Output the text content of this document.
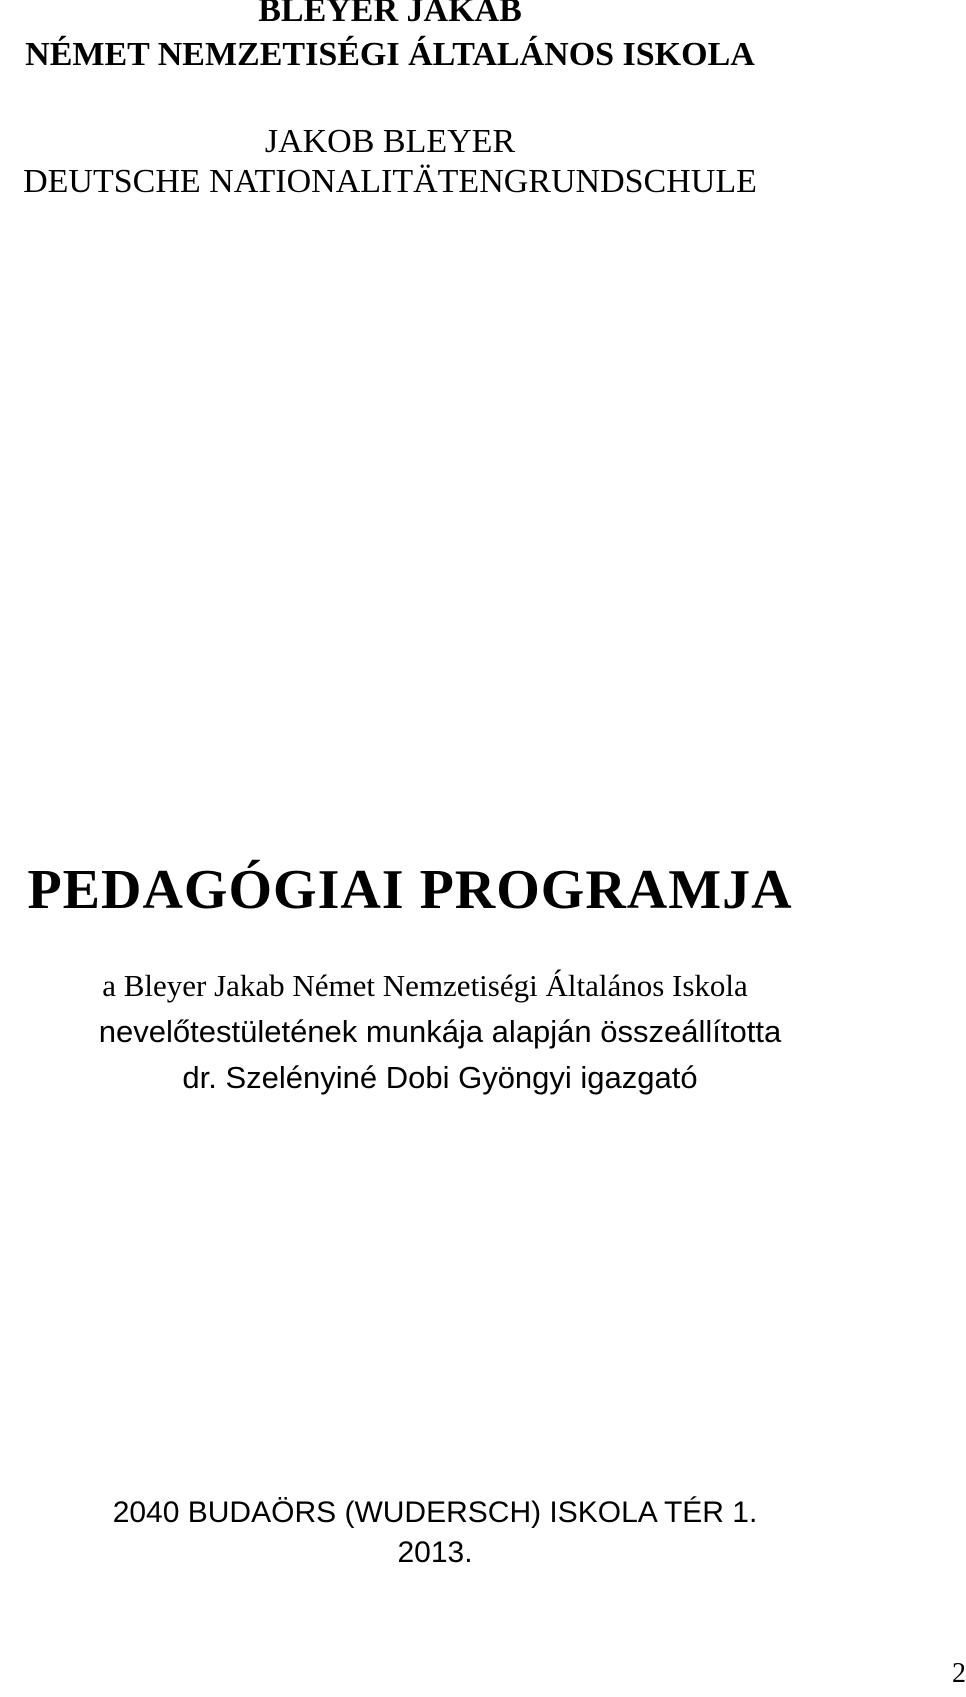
BLEYER JAKAB
NÉMET NEMZETISÉGI ÁLTALÁNOS ISKOLA
JAKOB BLEYER
DEUTSCHE NATIONALITÄTENGRUNDSCHULE
PEDAGÓGIAI PROGRAMJA
a Bleyer Jakab Német Nemzetiségi Általános Iskola
nevelőtestületének munkája alapján összeállította
dr. Szelényiné Dobi Gyöngyi igazgató
2040 BUDAÖRS (WUDERSCH) ISKOLA TÉR 1.
2013.
2
